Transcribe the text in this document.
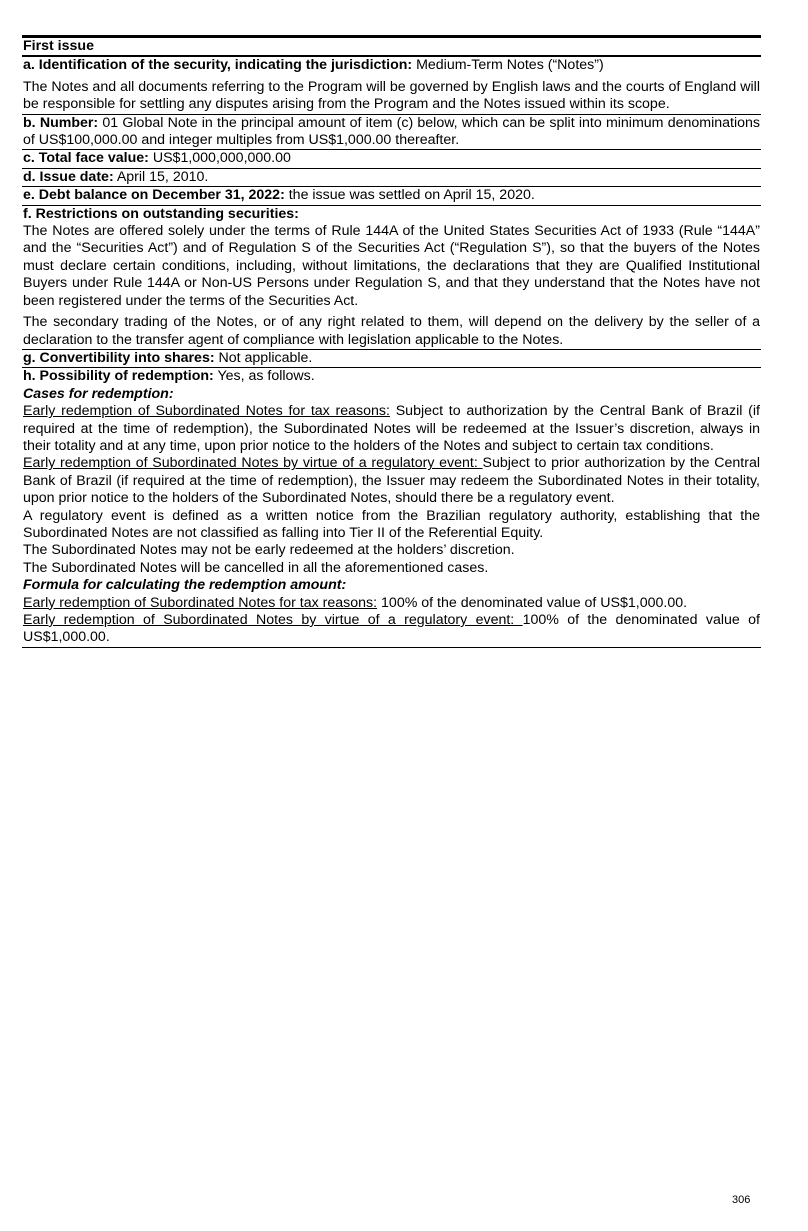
First issue

a. Identification of the security, indicating the jurisdiction: Medium-Term Notes (“Notes”)

The Notes and all documents referring to the Program will be governed by English laws and the courts of England will be responsible for settling any disputes arising from the Program and the Notes issued within its scope.

b. Number: 01 Global Note in the principal amount of item (c) below, which can be split into minimum denominations of US$100,000.00 and integer multiples from US$1,000.00 thereafter.
c. Total face value: US$1,000,000,000.00
d. Issue date: April 15, 2010.
e. Debt balance on December 31, 2022: the issue was settled on April 15, 2020.

f. Restrictions on outstanding securities:

The Notes are offered solely under the terms of Rule 144A of the United States Securities Act of 1933 (Rule “144A” and the “Securities Act”) and of Regulation S of the Securities Act (“Regulation S”), so that the buyers of the Notes must declare certain conditions, including, without limitations, the declarations that they are Qualified Institutional Buyers under Rule 144A or Non-US Persons under Regulation S, and that they understand that the Notes have not been registered under the terms of the Securities Act.

The secondary trading of the Notes, or of any right related to them, will depend on the delivery by the seller of a declaration to the transfer agent of compliance with legislation applicable to the Notes.

g. Convertibility into shares: Not applicable.

h. Possibility of redemption: Yes, as follows.

Cases for redemption:

Early redemption of Subordinated Notes for tax reasons: Subject to authorization by the Central Bank of Brazil (if required at the time of redemption), the Subordinated Notes will be redeemed at the Issuer’s discretion, always in their totality and at any time, upon prior notice to the holders of the Notes and subject to certain tax conditions.

Early redemption of Subordinated Notes by virtue of a regulatory event: Subject to prior authorization by the Central Bank of Brazil (if required at the time of redemption), the Issuer may redeem the Subordinated Notes in their totality, upon prior notice to the holders of the Subordinated Notes, should there be a regulatory event.

A regulatory event is defined as a written notice from the Brazilian regulatory authority, establishing that the Subordinated Notes are not classified as falling into Tier II of the Referential Equity.

The Subordinated Notes may not be early redeemed at the holders’ discretion.

The Subordinated Notes will be cancelled in all the aforementioned cases.

Formula for calculating the redemption amount:

Early redemption of Subordinated Notes for tax reasons: 100% of the denominated value of US$1,000.00.

Early redemption of Subordinated Notes by virtue of a regulatory event: 100% of the denominated value of US$1,000.00.

306
